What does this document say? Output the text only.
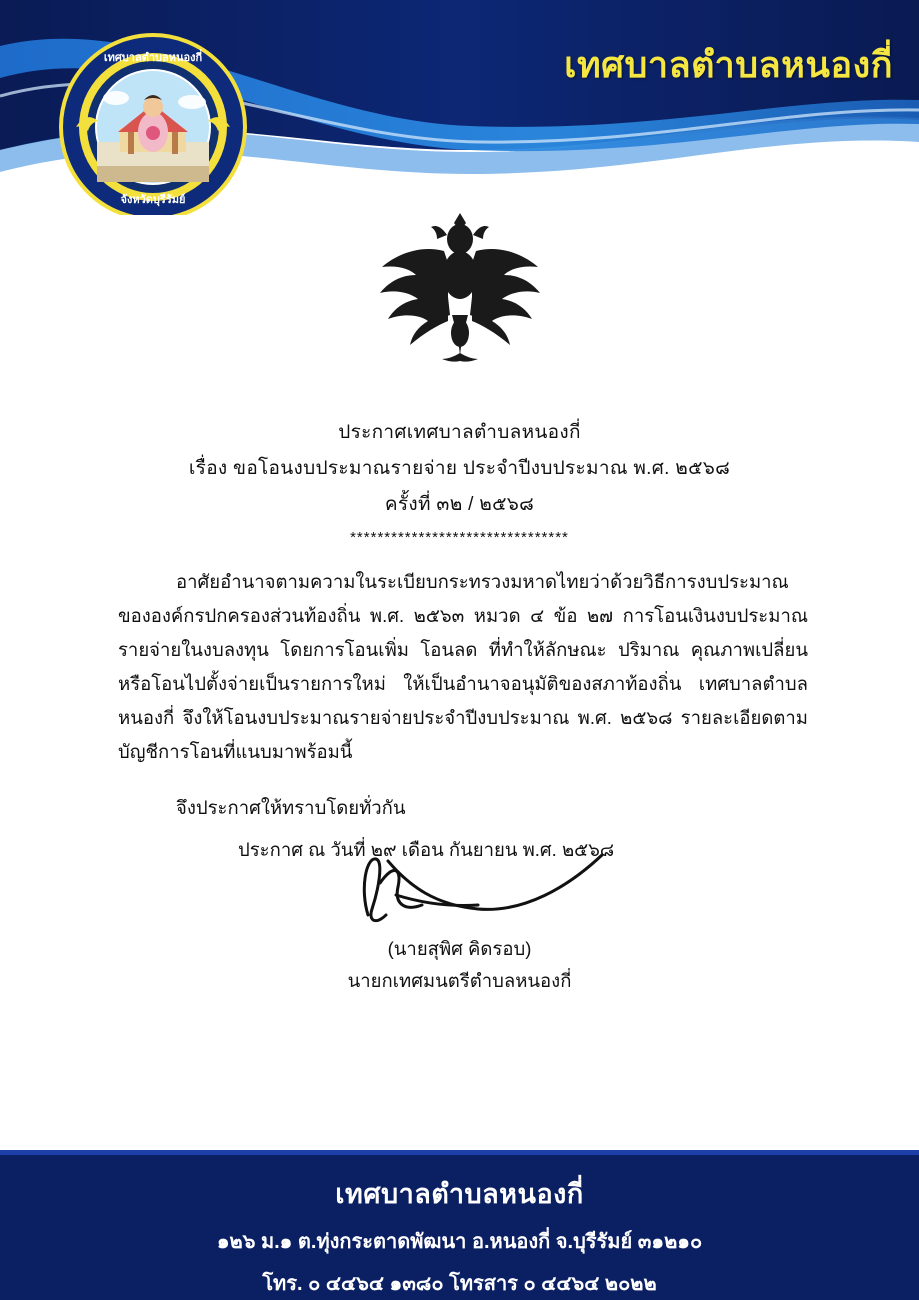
เทศบาลตำบลหนองกี่
เทศบาลตำบลหนองกี่
จังหวัดบุรีรัมย์
ประกาศเทศบาลตำบลหนองกี่
เรื่อง ขอโอนงบประมาณรายจ่าย ประจำปีงบประมาณ พ.ศ. ๒๕๖๘
ครั้งที่ ๓๒ / ๒๕๖๘
********************************
อาศัยอำนาจตามความในระเบียบกระทรวงมหาดไทยว่าด้วยวิธีการงบประมาณขององค์กรปกครองส่วนท้องถิ่น พ.ศ. ๒๕๖๓ หมวด ๔ ข้อ ๒๗ การโอนเงินงบประมาณรายจ่ายในงบลงทุน โดยการโอนเพิ่ม โอนลด ที่ทำให้ลักษณะ ปริมาณ คุณภาพเปลี่ยน หรือโอนไปตั้งจ่ายเป็นรายการใหม่ ให้เป็นอำนาจอนุมัติของสภาท้องถิ่น เทศบาลตำบลหนองกี่ จึงให้โอนงบประมาณรายจ่ายประจำปีงบประมาณ พ.ศ. ๒๕๖๘ รายละเอียดตามบัญชีการโอนที่แนบมาพร้อมนี้
จึงประกาศให้ทราบโดยทั่วกัน
ประกาศ ณ วันที่ ๒๙ เดือน กันยายน พ.ศ. ๒๕๖๘
(นายสุพิศ คิดรอบ)
นายกเทศมนตรีตำบลหนองกี่
เทศบาลตำบลหนองกี่
๑๒๖ ม.๑ ต.ทุ่งกระตาดพัฒนา อ.หนองกี่ จ.บุรีรัมย์ ๓๑๒๑๐
โทร. ๐ ๔๔๖๔ ๑๓๘๐ โทรสาร ๐ ๔๔๖๔ ๒๐๒๒
